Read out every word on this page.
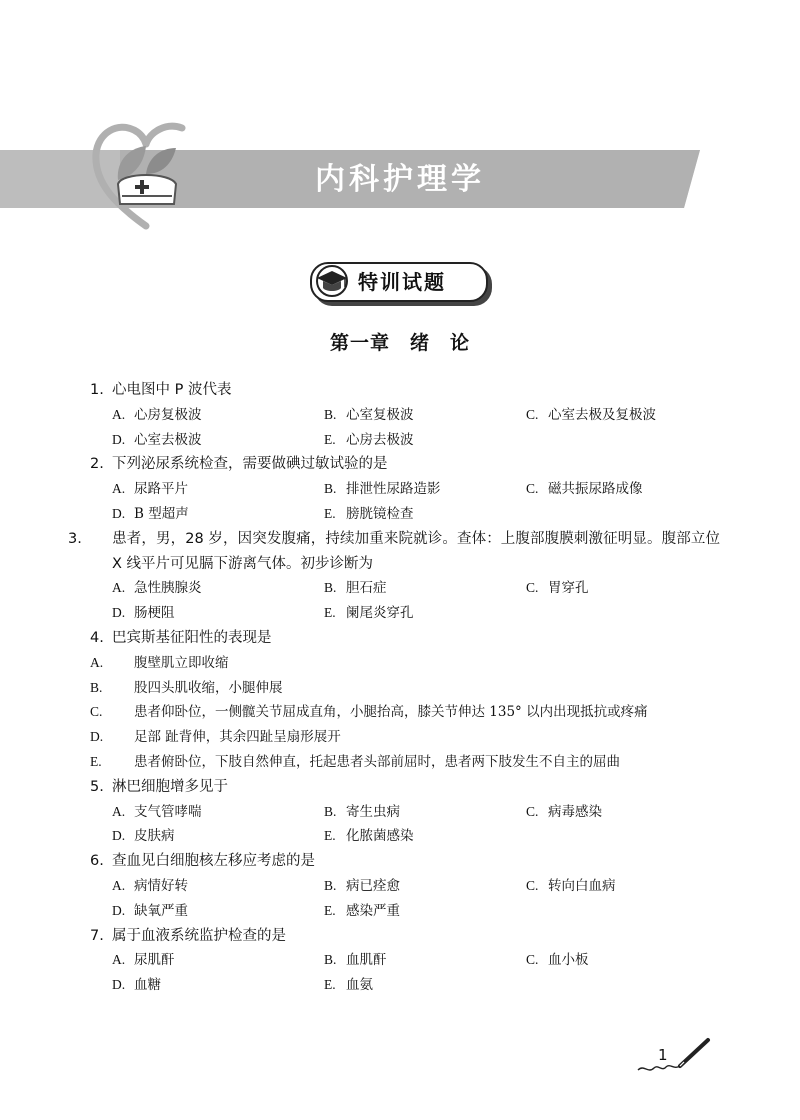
内科护理学
特训试题
第一章　绪　论
1. 心电图中 P 波代表
A. 心房复极波	B. 心室复极波	C. 心室去极及复极波
D. 心室去极波	E. 心房去极波
2. 下列泌尿系统检查，需要做碘过敏试验的是
A. 尿路平片	B. 排泄性尿路造影	C. 磁共振尿路成像
D. B 型超声	E. 膀胱镜检查
3. 患者，男，28 岁，因突发腹痛，持续加重来院就诊。查体：上腹部腹膜刺激征明显。腹部立位 X 线平片可见膈下游离气体。初步诊断为
A. 急性胰腺炎	B. 胆石症	C. 胃穿孔
D. 肠梗阻	E. 阑尾炎穿孔
4. 巴宾斯基征阳性的表现是
A. 腹壁肌立即收缩
B. 股四头肌收缩，小腿伸展
C. 患者仰卧位，一侧髋关节屈成直角，小腿抬高，膝关节伸达 135° 以内出现抵抗或疼痛
D. 足部 趾背伸，其余四趾呈扇形展开
E. 患者俯卧位，下肢自然伸直，托起患者头部前屈时，患者两下肢发生不自主的屈曲
5. 淋巴细胞增多见于
A. 支气管哮喘	B. 寄生虫病	C. 病毒感染
D. 皮肤病	E. 化脓菌感染
6. 查血见白细胞核左移应考虑的是
A. 病情好转	B. 病已痊愈	C. 转向白血病
D. 缺氧严重	E. 感染严重
7. 属于血液系统监护检查的是
A. 尿肌酐	B. 血肌酐	C. 血小板
D. 血糖	E. 血氨
1
